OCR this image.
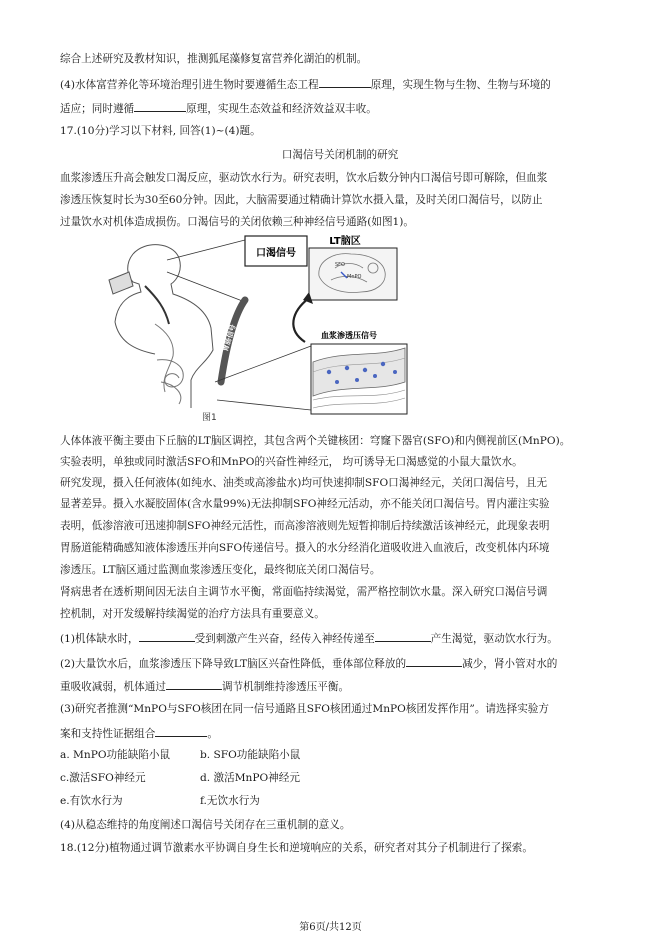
综合上述研究及教材知识，推测狐尾藻修复富营养化湖泊的机制。
(4)水体富营养化等环境治理引进生物时要遵循生态工程	原理，实现生物与生物、生物与环境的
适应；同时遵循	原理，实现生态效益和经济效益双丰收。
17.(10分)学习以下材料, 回答(1)~(4)题。
口渴信号关闭机制的研究
血浆渗透压升高会触发口渴反应，驱动饮水行为。研究表明，饮水后数分钟内口渴信号即可解除，但血浆
渗透压恢复时长为30至60分钟。因此，大脑需要通过精确计算饮水摄入量，及时关闭口渴信号，以防止
过量饮水对机体造成损伤。口渴信号的关闭依赖三种神经信号通路(如图1)。
口渴信号
LT脑区
SFO
MnPO
胃肠信号	血浆渗透压信号
图1
人体体液平衡主要由下丘脑的LT脑区调控，其包含两个关键核团：穹窿下器官(SFO)和内侧视前区(MnPO)。
实验表明，单独或同时激活SFO和MnPO的兴奋性神经元， 均可诱导无口渴感觉的小鼠大量饮水。
研究发现，摄入任何液体(如纯水、油类或高渗盐水)均可快速抑制SFO口渴神经元，关闭口渴信号，且无
显著差异。摄入水凝胶固体(含水量99%)无法抑制SFO神经元活动，亦不能关闭口渴信号。胃内灌注实验
表明，低渗溶液可迅速抑制SFO神经元活性，而高渗溶液则先短暂抑制后持续激活该神经元，此现象表明
胃肠道能精确感知液体渗透压并向SFO传递信号。摄入的水分经消化道吸收进入血液后，改变机体内环境
渗透压。LT脑区通过监测血浆渗透压变化，最终彻底关闭口渴信号。
肾病患者在透析期间因无法自主调节水平衡，常面临持续渴觉，需严格控制饮水量。深入研究口渴信号调
控机制，对开发缓解持续渴觉的治疗方法具有重要意义。
(1)机体缺水时，	受到刺激产生兴奋，经传入神经传递至	产生渴觉，驱动饮水行为。
(2)大量饮水后，血浆渗透压下降导致LT脑区兴奋性降低，垂体部位释放的	减少，肾小管对水的
重吸收减弱，机体通过	调节机制维持渗透压平衡。
(3)研究者推测“MnPO与SFO核团在同一信号通路且SFO核团通过MnPO核团发挥作用”。请选择实验方
案和支持性证据组合	。
a. MnPO功能缺陷小鼠	b. SFO功能缺陷小鼠
c.激活SFO神经元	d. 激活MnPO神经元
e.有饮水行为	f.无饮水行为
(4)从稳态维持的角度阐述口渴信号关闭存在三重机制的意义。
18.(12分)植物通过调节激素水平协调自身生长和逆境响应的关系，研究者对其分子机制进行了探索。
第6页/共12页
